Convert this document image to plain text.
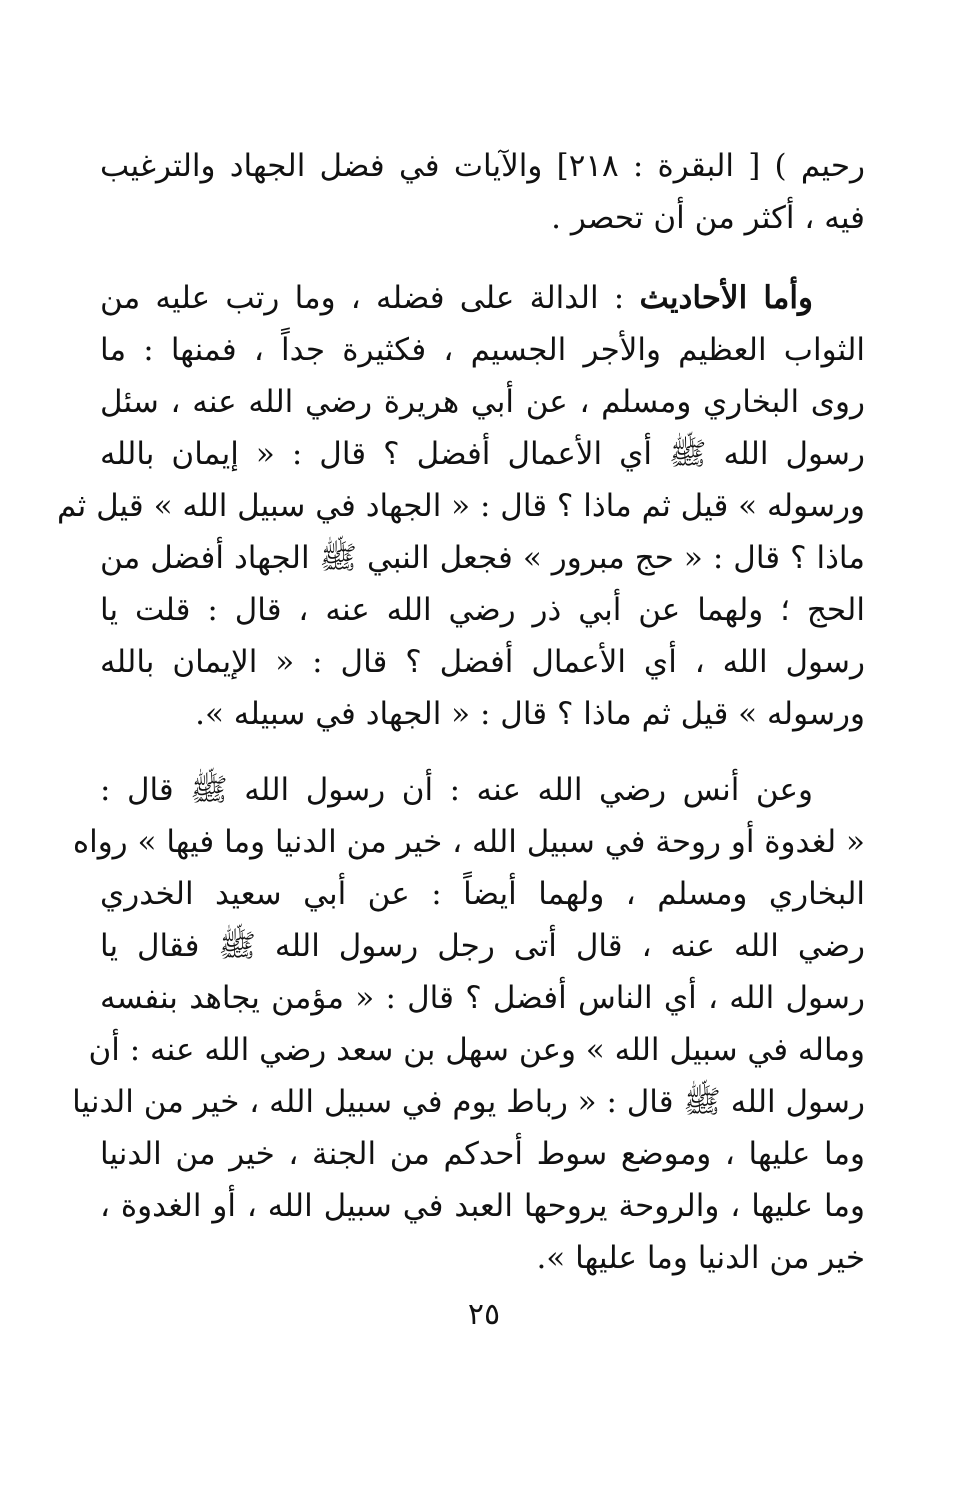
رحيم ) [ البقرة : ٢١٨] والآيات في فضل الجهاد والترغيب
فيه ، أكثر من أن تحصر .
وأما الأحاديث : الدالة على فضله ، وما رتب عليه من
الثواب العظيم والأجر الجسيم ، فكثيرة جداً ، فمنها : ما
روى البخاري ومسلم ، عن أبي هريرة رضي الله عنه ، سئل
رسول الله ﷺ أي الأعمال أفضل ؟ قال : « إيمان بالله
ورسوله » قيل ثم ماذا ؟ قال : « الجهاد في سبيل الله » قيل ثم
ماذا ؟ قال : « حج مبرور » فجعل النبي ﷺ الجهاد أفضل من
الحج ؛ ولهما عن أبي ذر رضي الله عنه ، قال : قلت يا
رسول الله ، أي الأعمال أفضل ؟ قال : « الإيمان بالله
ورسوله » قيل ثم ماذا ؟ قال : « الجهاد في سبيله ».
وعن أنس رضي الله عنه : أن رسول الله ﷺ قال :
« لغدوة أو روحة في سبيل الله ، خير من الدنيا وما فيها » رواه
البخاري ومسلم ، ولهما أيضاً : عن أبي سعيد الخدري
رضي الله عنه ، قال أتى رجل رسول الله ﷺ فقال يا
رسول الله ، أي الناس أفضل ؟ قال : « مؤمن يجاهد بنفسه
وماله في سبيل الله » وعن سهل بن سعد رضي الله عنه : أن
رسول الله ﷺ قال : « رباط يوم في سبيل الله ، خير من الدنيا
وما عليها ، وموضع سوط أحدكم من الجنة ، خير من الدنيا
وما عليها ، والروحة يروحها العبد في سبيل الله ، أو الغدوة ،
خير من الدنيا وما عليها ».
٢٥
